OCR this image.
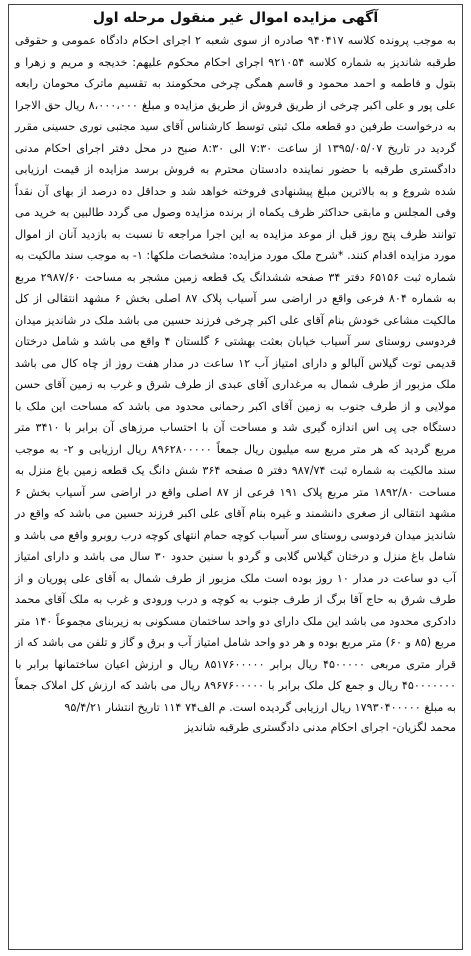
آگهی مزایده اموال غیر منقول مرحله اول

به موجب پرونده کلاسه ۹۴۰۴۱۷ صادره از سوی شعبه ۲ اجرای احکام دادگاه عمومی و حقوقی طرقبه شاندیز به شماره کلاسه ۹۲۱۰۵۴ اجرای احکام محکوم علیهم: خدیجه و مریم و زهرا و بتول و فاطمه و احمد محمود و قاسم همگی چرخی محکومند به تقسیم ماترک محومان رابعه علی پور و علی اکبر چرخی از طریق فروش از طریق مزایده و مبلغ ۸،۰۰۰،۰۰۰ ریال حق الاجرا به درخواست طرفین دو قطعه ملک ثبتی توسط کارشناس آقای سید مجتبی نوری حسینی مقرر گردید در تاریخ ۱۳۹۵/۰۵/۰۷ از ساعت ۷:۳۰ الی ۸:۳۰ صبح در محل دفتر اجرای احکام مدنی دادگستری طرقبه با حضور نماینده دادستان محترم به فروش برسد مزایده از قیمت ارزیابی شده شروع و به بالاترین مبلغ پیشنهادی فروخته خواهد شد و حداقل ده درصد از بهای آن نقداً وفی المجلس و مابقی حداکثر ظرف یکماه از برنده مزایده وصول می گردد طالبین به خرید می توانند ظرف پنج روز قبل از موعد مزایده به این اجرا مراجعه تا نسبت به بازدید آنان از اموال مورد مزایده اقدام کنند. *شرح ملک مورد مزایده: مشخصات ملکها: ۱- به موجب سند مالکیت به شماره ثبت ۶۵۱۵۶ دفتر ۳۴ صفحه ششدانگ یک قطعه زمین مشجر به مساحت ۲۹۸۷/۶۰ مربع به شماره ۸۰۴ فرعی واقع در اراضی سر آسیاب پلاک ۸۷ اصلی بخش ۶ مشهد انتقالی از کل مالکیت مشاعی خودش بنام آقای علی اکبر چرخی فرزند حسین می باشد ملک در شاندیز میدان فردوسی روستای سر آسیاب خیابان بعثت بهشتی ۶ گلستان ۴ واقع می باشد و شامل درختان قدیمی توت گیلاس آلبالو و دارای امتیاز آب ۱۲ ساعت در مدار هفت روز از چاه کال می باشد ملک مزبور از طرف شمال به مرغداری آقای عبدی از طرف شرق و غرب به زمین آقای حسن مولایی و از طرف جنوب به زمین آقای اکبر رحمانی محدود می باشد که مساحت این ملک با دستگاه جی پی اس اندازه گیری شد و مساحت آن با احتساب مرزهای آن برابر با ۳۴۱۰ متر مربع گردید که هر متر مربع سه میلیون ریال جمعاً ۸۹۶۲۸۰۰۰۰۰ ریال ارزیابی و ۲- به موجب سند مالکیت به شماره ثبت ۹۸۷/۷۴ دفتر ۵ صفحه ۳۶۴ شش دانگ یک قطعه زمین باغ منزل به مساحت ۱۸۹۲/۸۰ متر مربع پلاک ۱۹۱ فرعی از ۸۷ اصلی واقع در اراضی سر آسیاب بخش ۶ مشهد انتقالی از صغری دانشمند و غیره بنام آقای علی اکبر فرزند حسین می باشد که واقع در شاندیز میدان فردوسی روستای سر آسیاب کوچه حمام انتهای کوچه درب روبرو واقع می باشد و شامل باغ منزل و درختان گیلاس گلابی و گردو با سنین حدود ۳۰ سال می باشد و دارای امتیاز آب دو ساعت در مدار ۱۰ روز بوده است ملک مزبور از طرف شمال به آقای علی پوریان و از طرف شرق به حاج آقا برگ از طرف جنوب به کوچه و درب ورودی و غرب به ملک آقای محمد دادکری محدود می باشد این ملک دارای دو واحد ساختمان مسکونی به زیربنای مجموعاً ۱۴۰ متر مربع (۸۵ و ۶۰) متر مربع بوده و هر دو واحد شامل امتیاز آب و برق و گاز و تلفن می باشد که از قرار متری مربعی ۴۵۰۰۰۰۰ ریال برابر ۸۵۱۷۶۰۰۰۰۰ ریال و ارزش اعیان ساختمانها برابر با ۴۵۰۰۰۰۰۰۰ ریال و جمع کل ملک برابر با ۸۹۶۷۶۰۰۰۰۰ ریال می باشد که ارزش کل املاک جمعاً به مبلغ ۱۷۹۳۰۴۰۰۰۰۰ ریال ارزیابی گردیده است. م الف۷۴ ۱۱۴ تاریخ انتشار ۹۵/۴/۲۱

محمد لگزیان- اجرای احکام مدنی دادگستری طرقبه شاندیز
